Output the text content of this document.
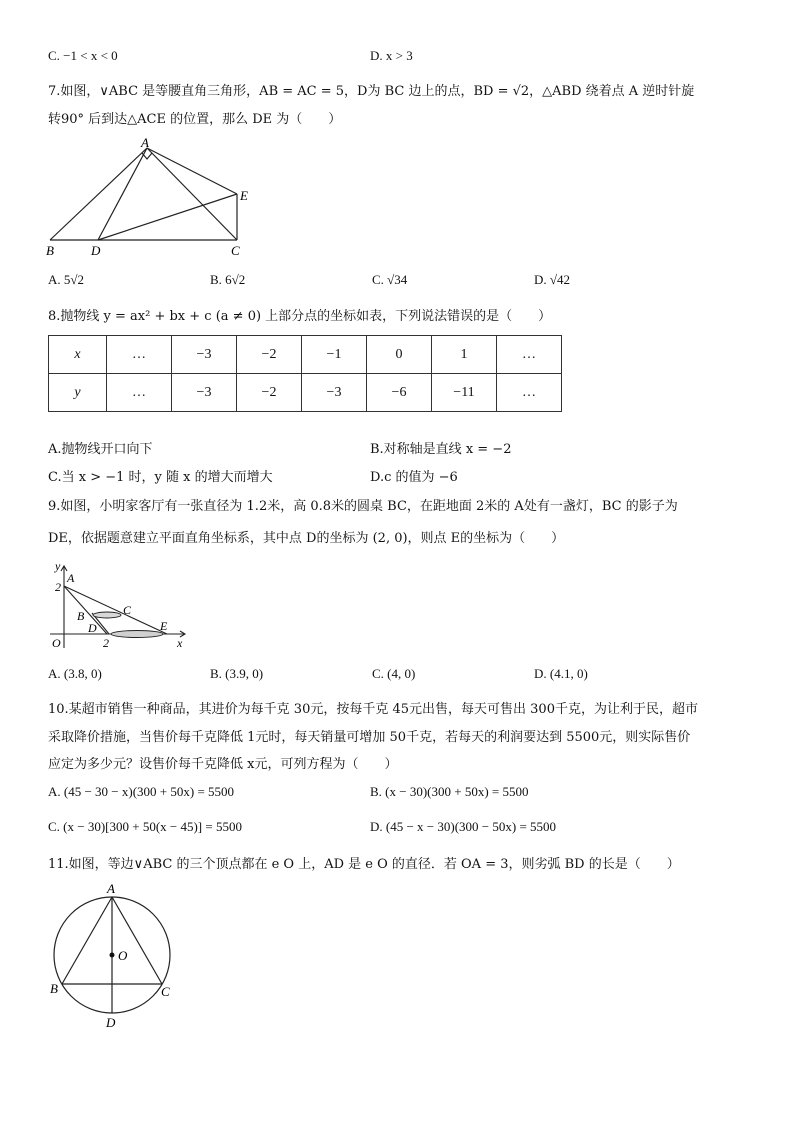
C. −1 < x < 0	D. x > 3
7.如图，∨ABC 是等腰直角三角形，AB = AC = 5，D为 BC 边上的点，BD = √2，△ABD 绕着点 A 逆时针旋
转90° 后到达△ACE 的位置，那么 DE 为（　　）
A
B	D	C
E
A. 5√2	B. 6√2	C. √34	D. √42
8.抛物线 y = ax² + bx + c (a ≠ 0) 上部分点的坐标如表，下列说法错误的是（　　）
x	…	−3	−2	−1	0	1	…
y	…	−3	−2	−3	−6	−11	…
A.抛物线开口向下	B.对称轴是直线 x = −2
C.当 x > −1 时，y 随 x 的增大而增大	D.c 的值为 −6
9.如图，小明家客厅有一张直径为 1.2米，高 0.8米的圆桌 BC，在距地面 2米的 A处有一盏灯，BC 的影子为
DE，依据题意建立平面直角坐标系，其中点 D的坐标为 (2, 0)，则点 E的坐标为（　　）
y
2
A
B	C
D	E
O	2	x
A. (3.8, 0)	B. (3.9, 0)	C. (4, 0)	D. (4.1, 0)
10.某超市销售一种商品，其进价为每千克 30元，按每千克 45元出售，每天可售出 300千克，为让利于民，超市
采取降价措施，当售价每千克降低 1元时，每天销量可增加 50千克，若每天的利润要达到 5500元，则实际售价
应定为多少元？设售价每千克降低 x元，可列方程为（　　）
A. (45 − 30 − x)(300 + 50x) = 5500	B. (x − 30)(300 + 50x) = 5500
C. (x − 30)[300 + 50(x − 45)] = 5500	D. (45 − x − 30)(300 − 50x) = 5500
11.如图，等边∨ABC 的三个顶点都在 e O 上，AD 是 e O 的直径．若 OA = 3，则劣弧 BD 的长是（　　）
A
B	C
D
O
